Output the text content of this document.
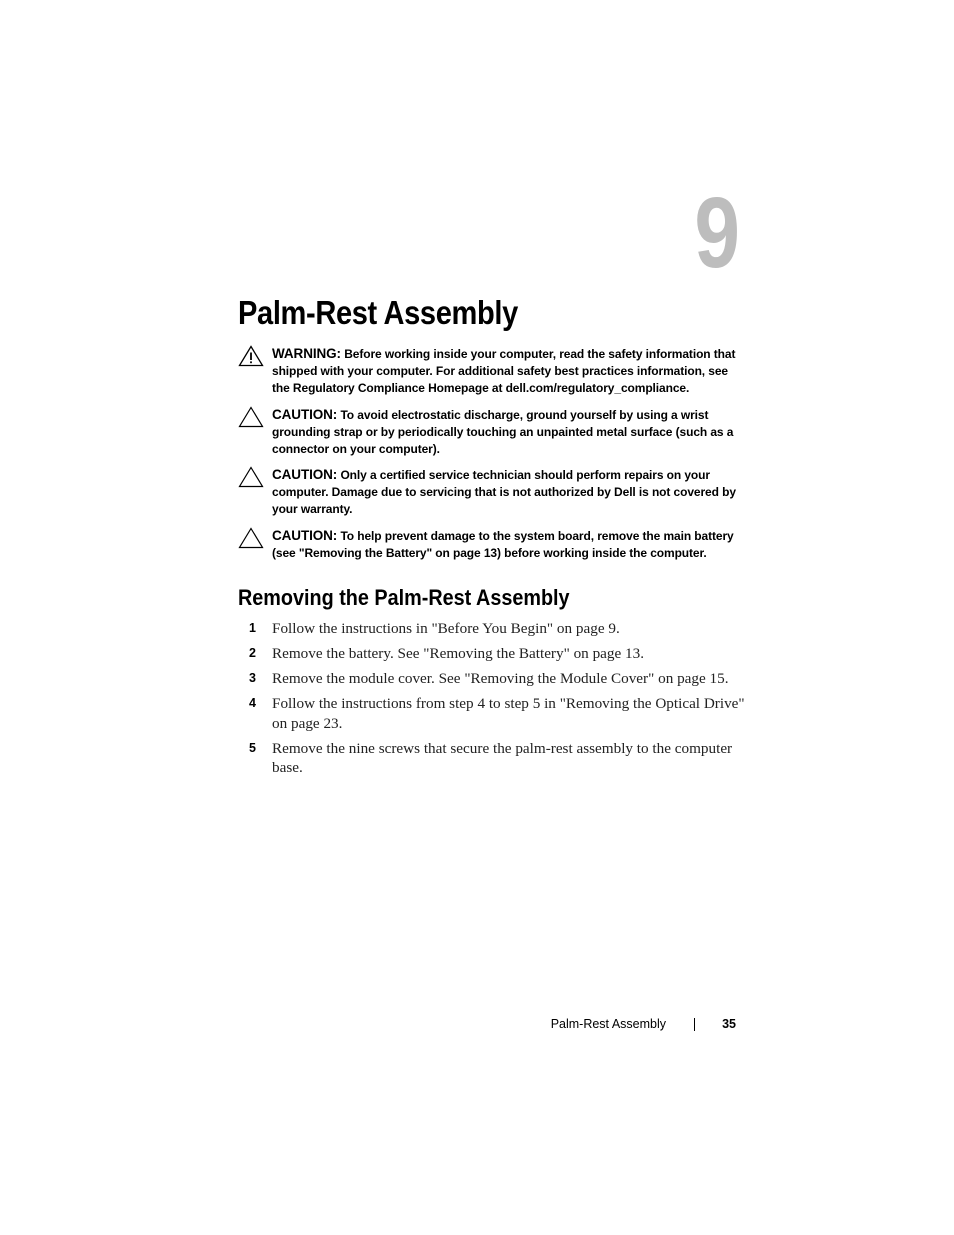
9
Palm-Rest Assembly
WARNING: Before working inside your computer, read the safety information that shipped with your computer. For additional safety best practices information, see the Regulatory Compliance Homepage at dell.com/regulatory_compliance.
CAUTION: To avoid electrostatic discharge, ground yourself by using a wrist grounding strap or by periodically touching an unpainted metal surface (such as a connector on your computer).
CAUTION: Only a certified service technician should perform repairs on your computer. Damage due to servicing that is not authorized by Dell is not covered by your warranty.
CAUTION: To help prevent damage to the system board, remove the main battery (see "Removing the Battery" on page 13) before working inside the computer.
Removing the Palm-Rest Assembly
1 Follow the instructions in "Before You Begin" on page 9.
2 Remove the battery. See "Removing the Battery" on page 13.
3 Remove the module cover. See "Removing the Module Cover" on page 15.
4 Follow the instructions from step 4 to step 5 in "Removing the Optical Drive" on page 23.
5 Remove the nine screws that secure the palm-rest assembly to the computer base.
Palm-Rest Assembly	35
